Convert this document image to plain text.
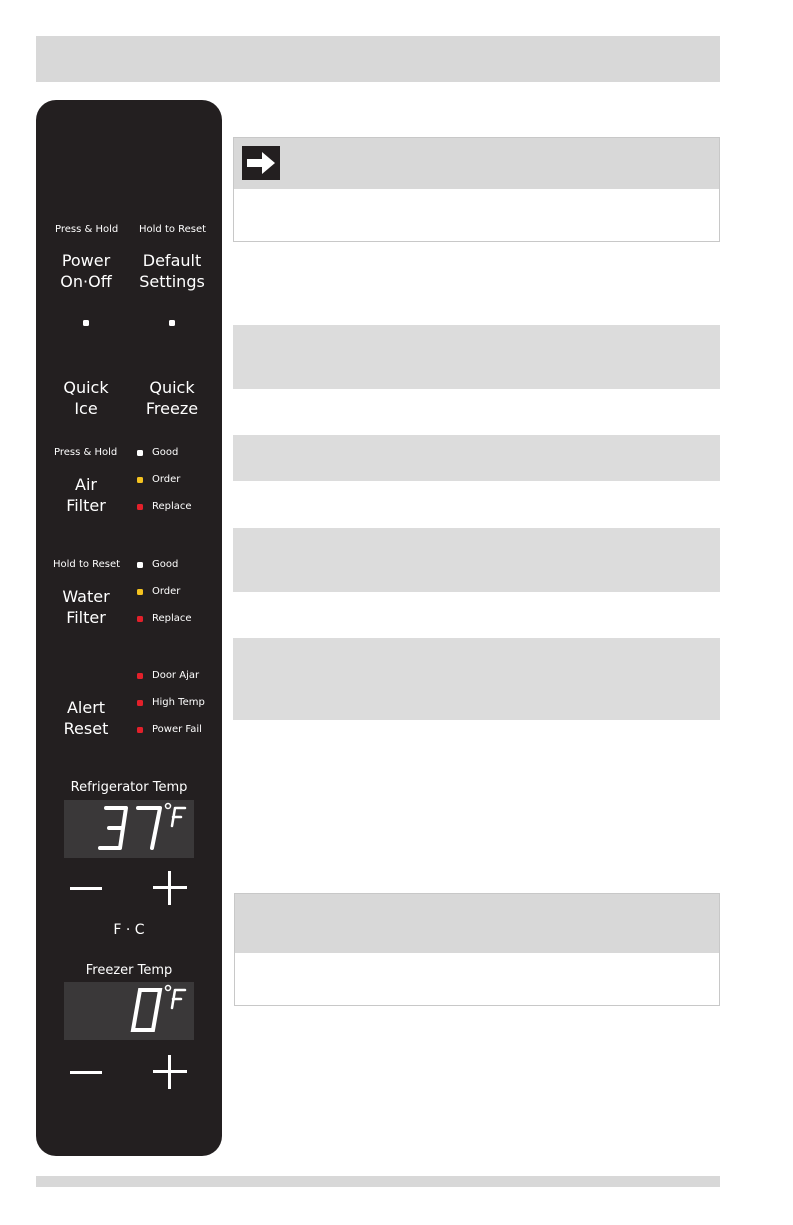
Press & Hold Hold to Reset
Power
On·Off
Default
Settings
Quick
Ice
Quick
Freeze
Press & Hold
Air
Filter
Good
Order
Replace
Hold to Reset
Water
Filter
Good
Order
Replace
Alert
Reset
Door Ajar
High Temp
Power Fail
Refrigerator Temp
F · C
Freezer Temp
